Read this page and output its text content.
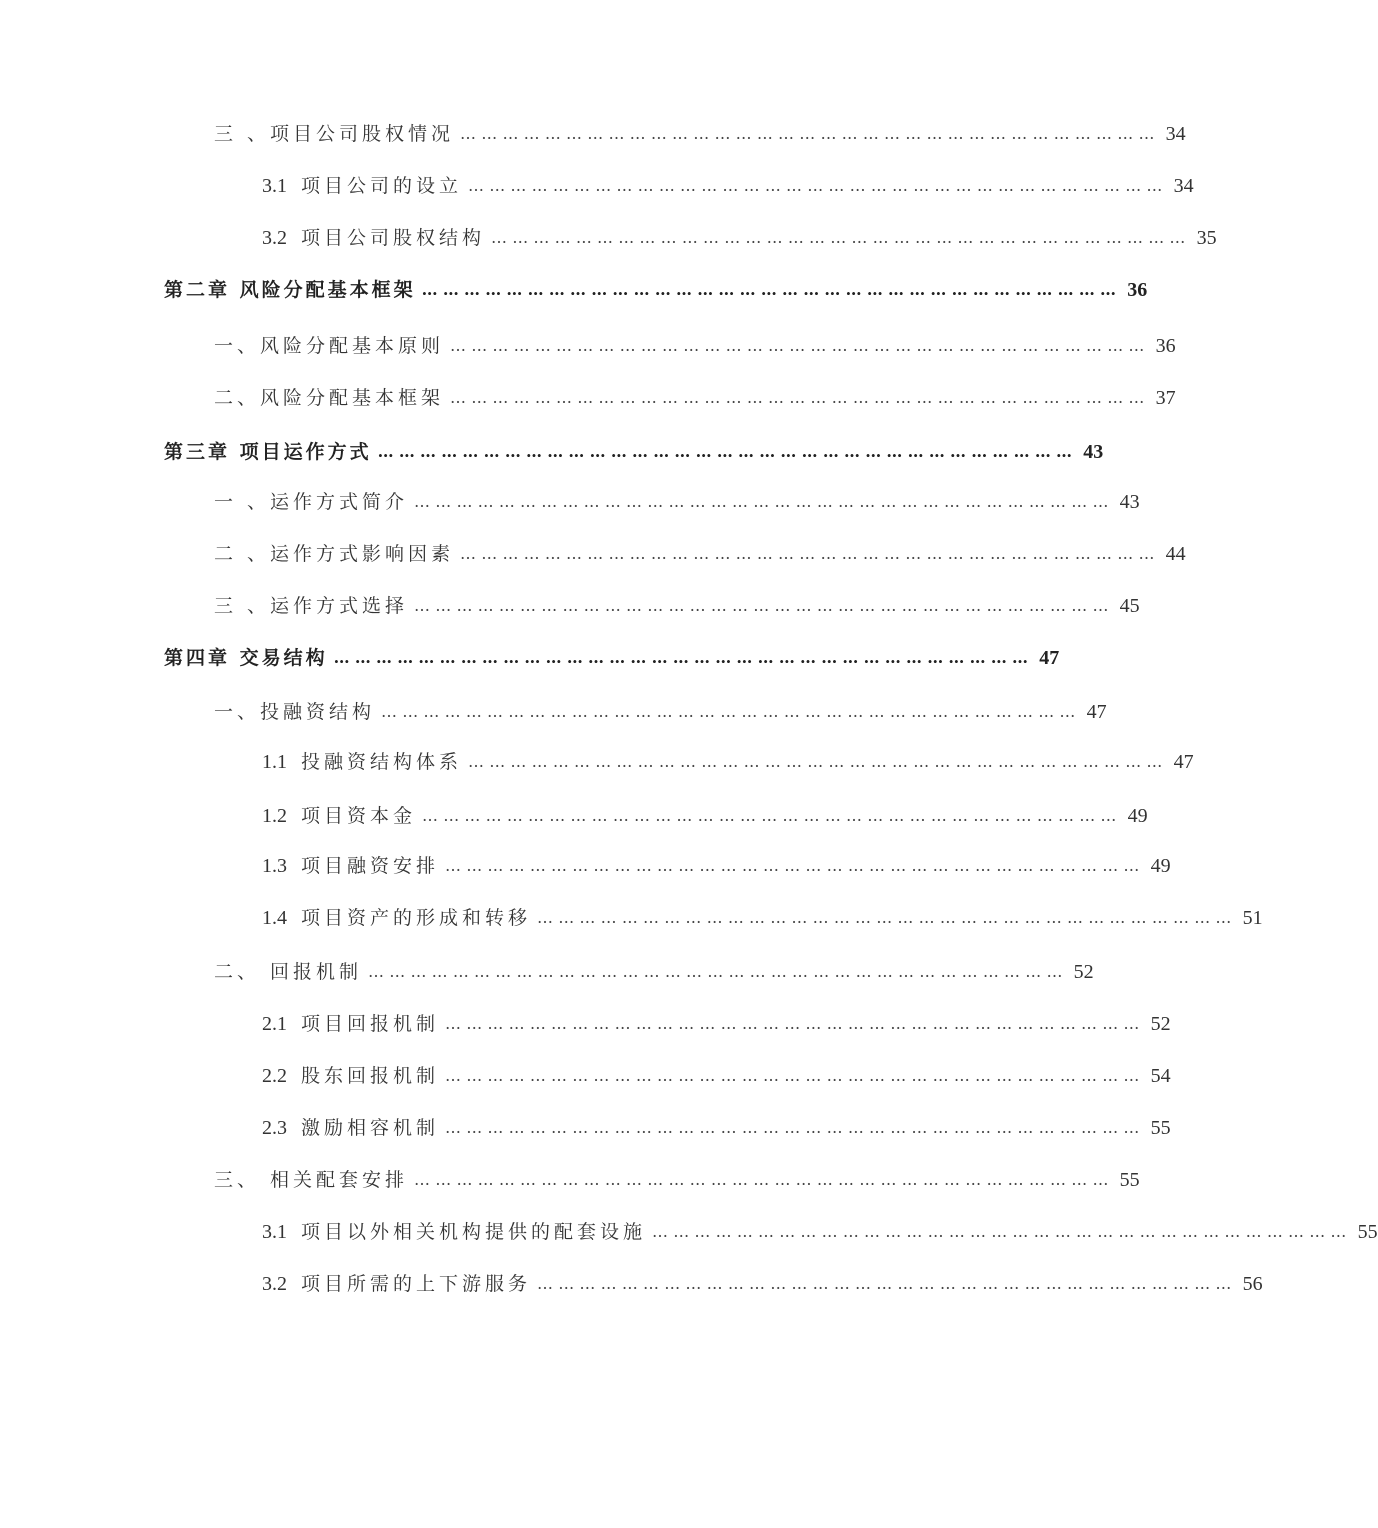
三 、项目公司股权情况 ……………………………………………………………………………………… 34
3.1 项目公司的设立 ……………………………………………………………………………………… 34
3.2 项目公司股权结构 ……………………………………………………………………………………… 35
第二章 风险分配基本框架 ……………………………………………………………………………………… 36
一、风险分配基本原则 ……………………………………………………………………………………… 36
二、风险分配基本框架 ……………………………………………………………………………………… 37
第三章 项目运作方式 ……………………………………………………………………………………… 43
一 、运作方式简介 ……………………………………………………………………………………… 43
二 、运作方式影响因素 ……………………………………………………………………………………… 44
三 、运作方式选择 ……………………………………………………………………………………… 45
第四章 交易结构 ……………………………………………………………………………………… 47
一、投融资结构 ……………………………………………………………………………………… 47
1.1 投融资结构体系 ……………………………………………………………………………………… 47
1.2 项目资本金 ……………………………………………………………………………………… 49
1.3 项目融资安排 ……………………………………………………………………………………… 49
1.4 项目资产的形成和转移 ……………………………………………………………………………………… 51
二、 回报机制 ……………………………………………………………………………………… 52
2.1 项目回报机制 ……………………………………………………………………………………… 52
2.2 股东回报机制 ……………………………………………………………………………………… 54
2.3 激励相容机制 ……………………………………………………………………………………… 55
三、 相关配套安排 ……………………………………………………………………………………… 55
3.1 项目以外相关机构提供的配套设施 ……………………………………………………………………………………… 55
3.2 项目所需的上下游服务 ……………………………………………………………………………………… 56
